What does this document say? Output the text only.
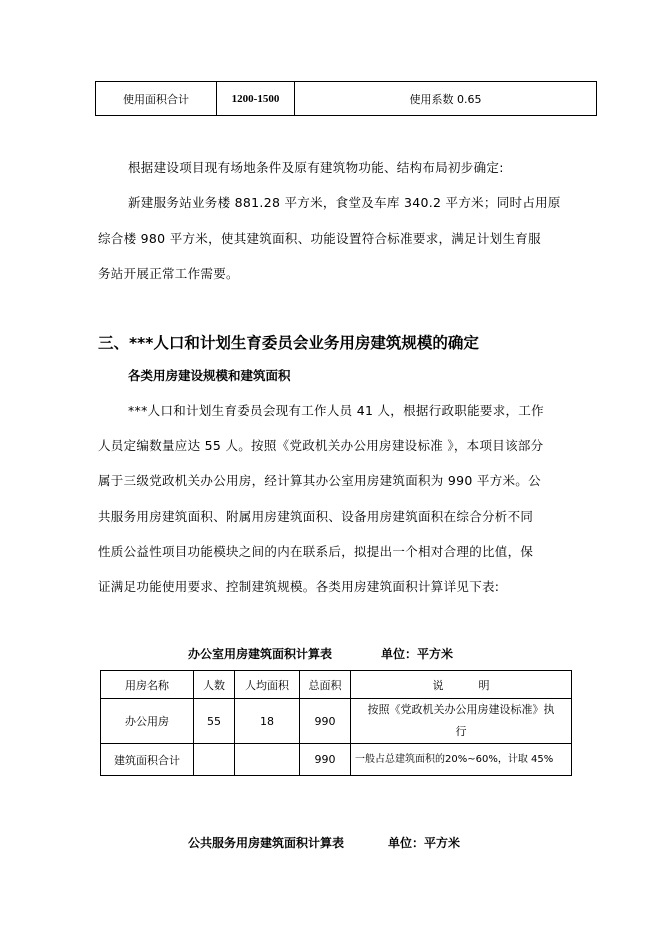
使用面积合计	1200-1500	使用系数 0.65
根据建设项目现有场地条件及原有建筑物功能、结构布局初步确定:
新建服务站业务楼 881.28 平方米，食堂及车库 340.2 平方米；同时占用原
综合楼 980 平方米，使其建筑面积、功能设置符合标准要求，满足计划生育服
务站开展正常工作需要。
三、***人口和计划生育委员会业务用房建筑规模的确定
各类用房建设规模和建筑面积
***人口和计划生育委员会现有工作人员 41 人，根据行政职能要求，工作
人员定编数量应达 55 人。按照《党政机关办公用房建设标准 》，本项目该部分
属于三级党政机关办公用房，经计算其办公室用房建筑面积为 990 平方米。公
共服务用房建筑面积、附属用房建筑面积、设备用房建筑面积在综合分析不同
性质公益性项目功能模块之间的内在联系后，拟提出一个相对合理的比值，保
证满足功能使用要求、控制建筑规模。各类用房建筑面积计算详见下表:
办公室用房建筑面积计算表	单位：平方米
用房名称	人数	人均面积	总面积	说          明
办公用房	55	18	990	按照《党政机关办公用房建设标准》执
行

建筑面积合计			990	一般占总建筑面积的20%~60%，计取 45%
公共服务用房建筑面积计算表	单位：平方米
